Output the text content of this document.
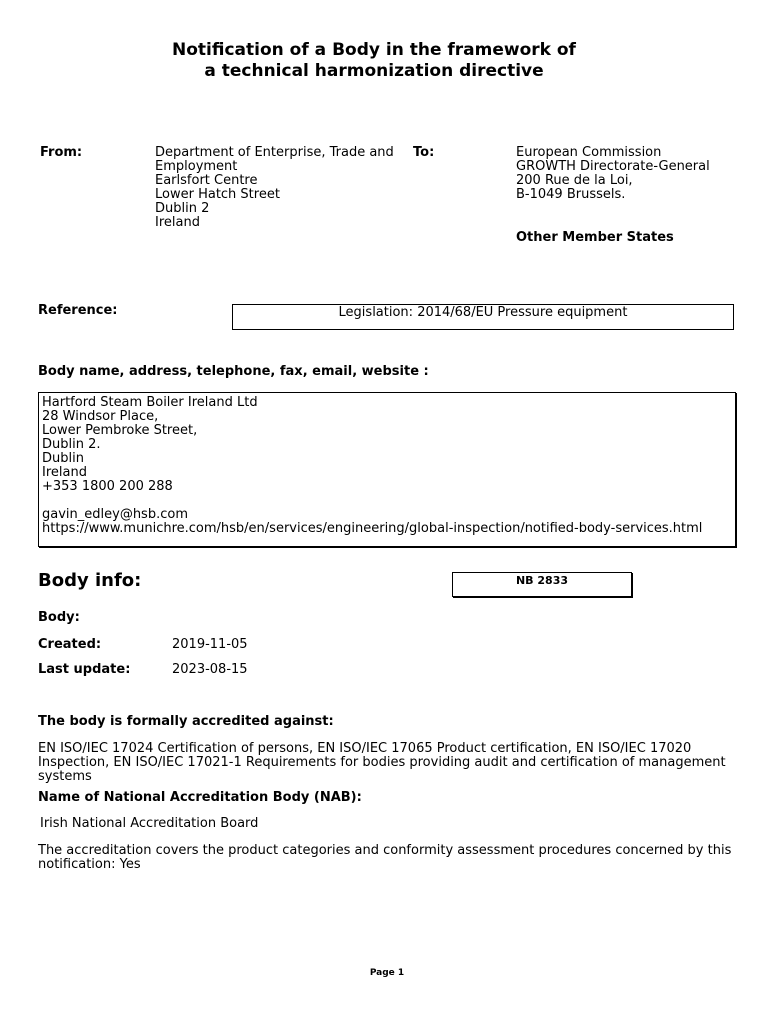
Notification of a Body in the framework of
a technical harmonization directive
From:	Department of Enterprise, Trade and
Employment
Earlsfort Centre
Lower Hatch Street
Dublin 2
Ireland
To:	European Commission
GROWTH Directorate-General
200 Rue de la Loi,
B-1049 Brussels.
Other Member States
Reference:	Legislation: 2014/68/EU Pressure equipment
Body name, address, telephone, fax, email, website :
Hartford Steam Boiler Ireland Ltd
28 Windsor Place,
Lower Pembroke Street,
Dublin 2.
Dublin
Ireland
+353 1800 200 288
gavin_edley@hsb.com
https://www.munichre.com/hsb/en/services/engineering/global-inspection/notified-body-services.html
Body info:	NB 2833
Body:
Created:	2019-11-05
Last update:	2023-08-15
The body is formally accredited against:
EN ISO/IEC 17024 Certification of persons, EN ISO/IEC 17065 Product certification, EN ISO/IEC 17020
Inspection, EN ISO/IEC 17021-1 Requirements for bodies providing audit and certification of management
systems
Name of National Accreditation Body (NAB):
Irish National Accreditation Board
The accreditation covers the product categories and conformity assessment procedures concerned by this
notification: Yes
Page 1
